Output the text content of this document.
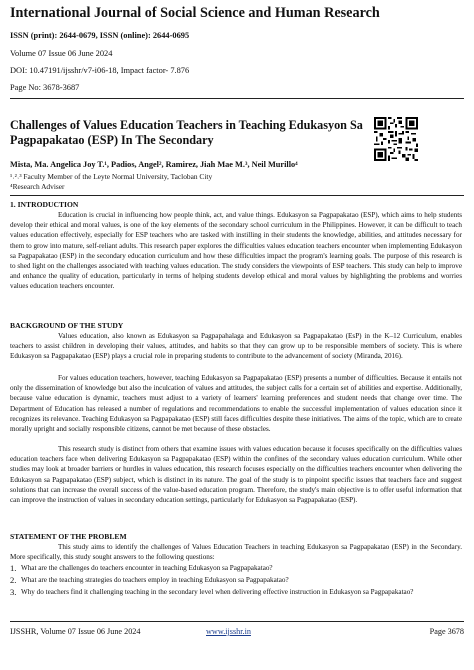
International Journal of Social Science and Human Research
ISSN (print): 2644-0679, ISSN (online): 2644-0695
Volume 07 Issue 06 June 2024
DOI: 10.47191/ijsshr/v7-i06-18, Impact factor- 7.876
Page No: 3678-3687
Challenges of Values Education Teachers in Teaching Edukasyon Sa Pagpapakatao (ESP) In The Secondary
Mista, Ma. Angelica Joy T.¹, Padios, Angel², Ramirez, Jiah Mae M.³, Neil Murillo⁴
¹˒²˒³ Faculty Member of the Leyte Normal University, Tacloban City
⁴Research Adviser
1. INTRODUCTION
Education is crucial in influencing how people think, act, and value things. Edukasyon sa Pagpapakatao (ESP), which aims to help students develop their ethical and moral values, is one of the key elements of the secondary school curriculum in the Philippines. However, it can be difficult to teach values education effectively, especially for ESP teachers who are tasked with instilling in their students the knowledge, abilities, and attitudes necessary for them to grow into mature, self-reliant adults. This research paper explores the difficulties values education teachers encounter when implementing Edukasyon sa Pagpapakatao (ESP) in the secondary education curriculum and how these difficulties impact the program's learning goals. The purpose of this research is to shed light on the challenges associated with teaching values education. The study considers the viewpoints of ESP teachers. This study can help to improve and enhance the quality of education, particularly in terms of helping students develop ethical and moral values by highlighting the problems and worries values education teachers encounter.
BACKGROUND OF THE STUDY
Values education, also known as Edukasyon sa Pagpapahalaga and Edukasyon sa Pagpapakatao (EsP) in the K–12 Curriculum, enables teachers to assist children in developing their values, attitudes, and habits so that they can grow up to be responsible members of society. This is where Edukasyon sa Pagpapakatao (ESP) plays a crucial role in preparing students to contribute to the advancement of society (Miranda, 2016).
For values education teachers, however, teaching Edukasyon sa Pagpapakatao (ESP) presents a number of difficulties. Because it entails not only the dissemination of knowledge but also the inculcation of values and attitudes, the subject calls for a certain set of abilities and expertise. Additionally, because value education is dynamic, teachers must adjust to a variety of learners' learning preferences and student needs that change over time. The Department of Education has released a number of regulations and recommendations to enable the successful implementation of values education since it recognizes its relevance. Teaching Edukasyon sa Pagpapakatao (ESP) still faces difficulties despite these initiatives. The aims of the topic, which are to create morally upright and socially responsible citizens, cannot be met because of these obstacles.
This research study is distinct from others that examine issues with values education because it focuses specifically on the difficulties values education teachers face when delivering Edukasyon sa Pagpapakatao (ESP) within the confines of the secondary values education curriculum. While other studies may look at broader barriers or hurdles in values education, this research focuses especially on the difficulties teachers encounter when delivering the Edukasyon sa Pagpapakatao (ESP) subject, which is distinct in its nature. The goal of the study is to pinpoint specific issues that teachers face and suggest solutions that can increase the overall success of the value-based education program. Therefore, the study's main objective is to offer useful information that can improve the instruction of values in secondary education settings, particularly for Edukasyon sa Pagpapakatao (ESP).
STATEMENT OF THE PROBLEM
This study aims to identify the challenges of Values Education Teachers in teaching Edukasyon sa Pagpapakatao (ESP) in the Secondary. More specifically, this study sought answers to the following questions:
1. What are the challenges do teachers encounter in teaching Edukasyon sa Pagpapakatao?
2. What are the teaching strategies do teachers employ in teaching Edukasyon sa Pagpapakatao?
3. Why do teachers find it challenging teaching in the secondary level when delivering effective instruction in Edukasyon sa Pagpapakatao?
IJSSHR, Volume 07 Issue 06 June 2024	www.ijsshr.in	Page 3678
